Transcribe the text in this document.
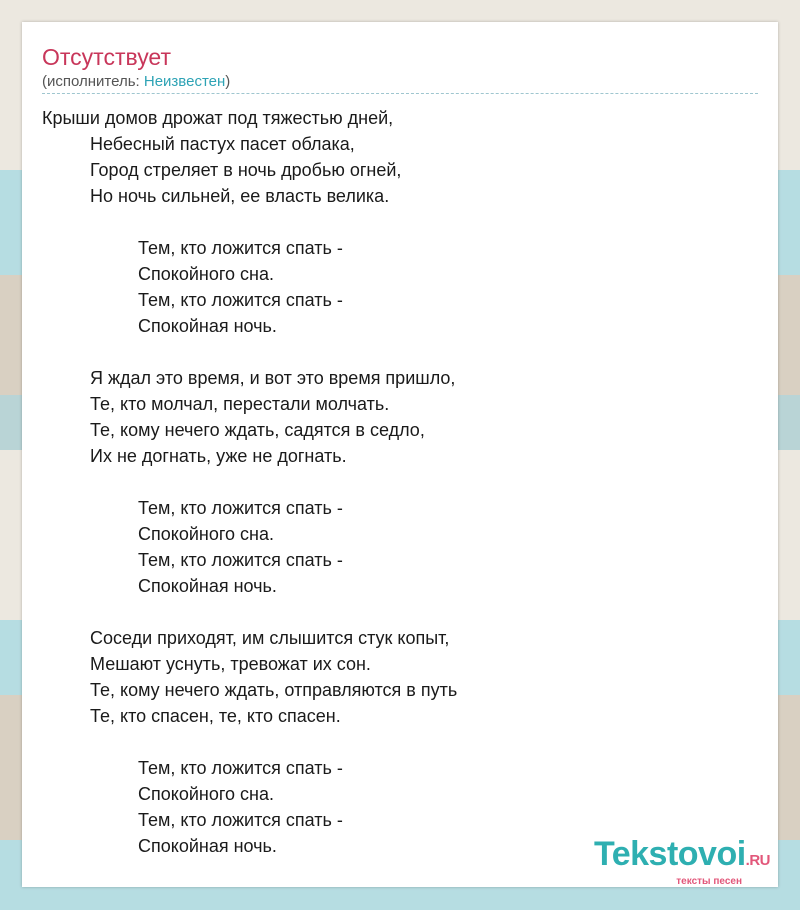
Отсутствует
(исполнитель: Неизвестен)
Крыши домов дрожат под тяжестью дней,
Небесный пастух пасет облака,
Город стреляет в ночь дробью огней,
Но ночь сильней, ее власть велика.
Тем, кто ложится спать -
Спокойного сна.
Тем, кто ложится спать -
Спокойная ночь.
Я ждал это время, и вот это время пришло,
Те, кто молчал, перестали молчать.
Те, кому нечего ждать, садятся в седло,
Их не догнать, уже не догнать.
Тем, кто ложится спать -
Спокойного сна.
Тем, кто ложится спать -
Спокойная ночь.
Соседи приходят, им слышится стук копыт,
Мешают уснуть, тревожат их сон.
Те, кому нечего ждать, отправляются в путь
Те, кто спасен, те, кто спасен.
Тем, кто ложится спать -
Спокойного сна.
Тем, кто ложится спать -
Спокойная ночь.	Tekstovoi.RU
тексты песен
